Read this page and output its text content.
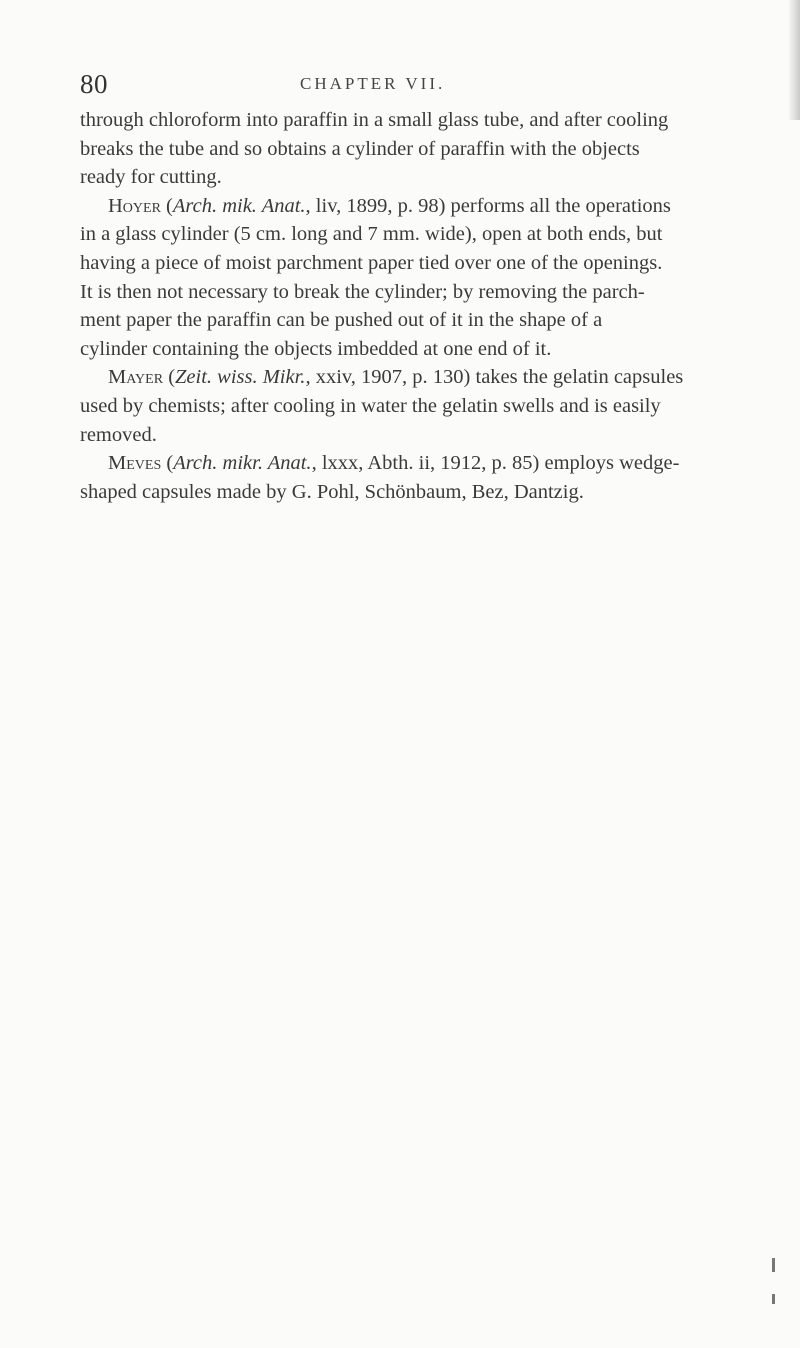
80	CHAPTER VII.
through chloroform into paraffin in a small glass tube, and after cooling
breaks the tube and so obtains a cylinder of paraffin with the objects
ready for cutting.
Hoyer (Arch. mik. Anat., liv, 1899, p. 98) performs all the operations
in a glass cylinder (5 cm. long and 7 mm. wide), open at both ends, but
having a piece of moist parchment paper tied over one of the openings.
It is then not necessary to break the cylinder; by removing the parch-
ment paper the paraffin can be pushed out of it in the shape of a
cylinder containing the objects imbedded at one end of it.
Mayer (Zeit. wiss. Mikr., xxiv, 1907, p. 130) takes the gelatin capsules
used by chemists; after cooling in water the gelatin swells and is easily
removed.
Meves (Arch. mikr. Anat., lxxx, Abth. ii, 1912, p. 85) employs wedge-
shaped capsules made by G. Pohl, Schönbaum, Bez, Dantzig.
